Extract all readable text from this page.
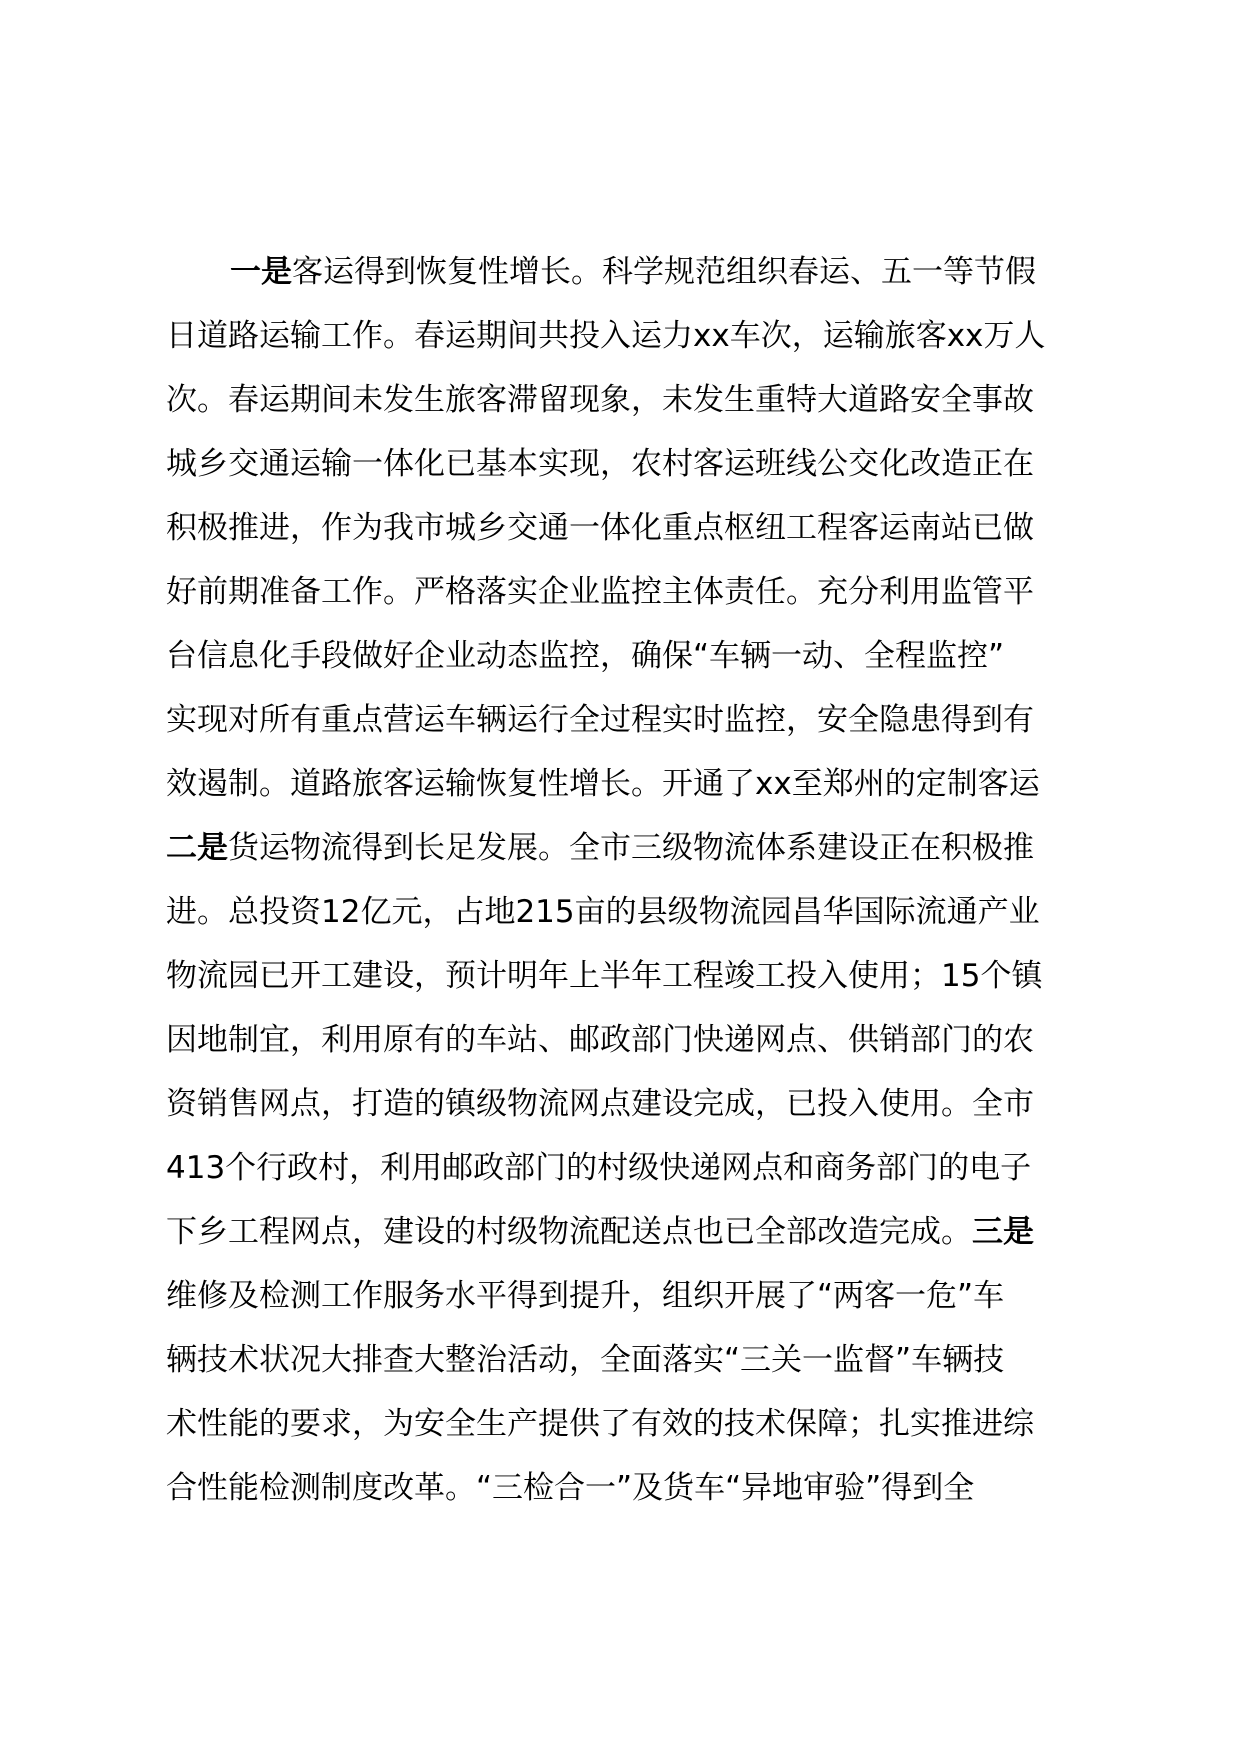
一是客运得到恢复性增长。科学规范组织春运、五一等节假
日道路运输工作。春运期间共投入运力xx车次，运输旅客xx万人
次。春运期间未发生旅客滞留现象，未发生重特大道路安全事故
城乡交通运输一体化已基本实现，农村客运班线公交化改造正在
积极推进，作为我市城乡交通一体化重点枢纽工程客运南站已做
好前期准备工作。严格落实企业监控主体责任。充分利用监管平
台信息化手段做好企业动态监控，确保“车辆一动、全程监控”
实现对所有重点营运车辆运行全过程实时监控，安全隐患得到有
效遏制。道路旅客运输恢复性增长。开通了xx至郑州的定制客运
二是货运物流得到长足发展。全市三级物流体系建设正在积极推
进。总投资12亿元，占地215亩的县级物流园昌华国际流通产业
物流园已开工建设，预计明年上半年工程竣工投入使用；15个镇
因地制宜，利用原有的车站、邮政部门快递网点、供销部门的农
资销售网点，打造的镇级物流网点建设完成，已投入使用。全市
413个行政村，利用邮政部门的村级快递网点和商务部门的电子
下乡工程网点，建设的村级物流配送点也已全部改造完成。三是
维修及检测工作服务水平得到提升，组织开展了“两客一危”车
辆技术状况大排查大整治活动，全面落实“三关一监督”车辆技
术性能的要求，为安全生产提供了有效的技术保障；扎实推进综
合性能检测制度改革。“三检合一”及货车“异地审验”得到全
